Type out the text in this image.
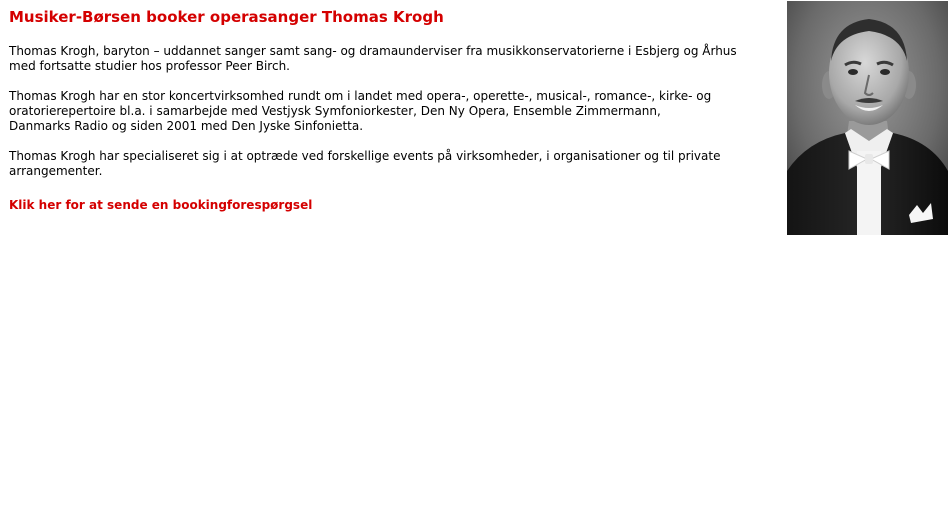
Musiker-Børsen booker operasanger Thomas Krogh

Thomas Krogh, baryton – uddannet sanger samt sang- og dramaunderviser fra musikkonservatorierne i Esbjerg og Århus
med fortsatte studier hos professor Peer Birch.

Thomas Krogh har en stor koncertvirksomhed rundt om i landet med opera-, operette-, musical-, romance-, kirke- og
oratorierepertoire bl.a. i samarbejde med Vestjysk Symfoniorkester, Den Ny Opera, Ensemble Zimmermann,
Danmarks Radio og siden 2001 med Den Jyske Sinfonietta.

Thomas Krogh har specialiseret sig i at optræde ved forskellige events på virksomheder, i organisationer og til private
arrangementer.

Klik her for at sende en bookingforespørgsel
